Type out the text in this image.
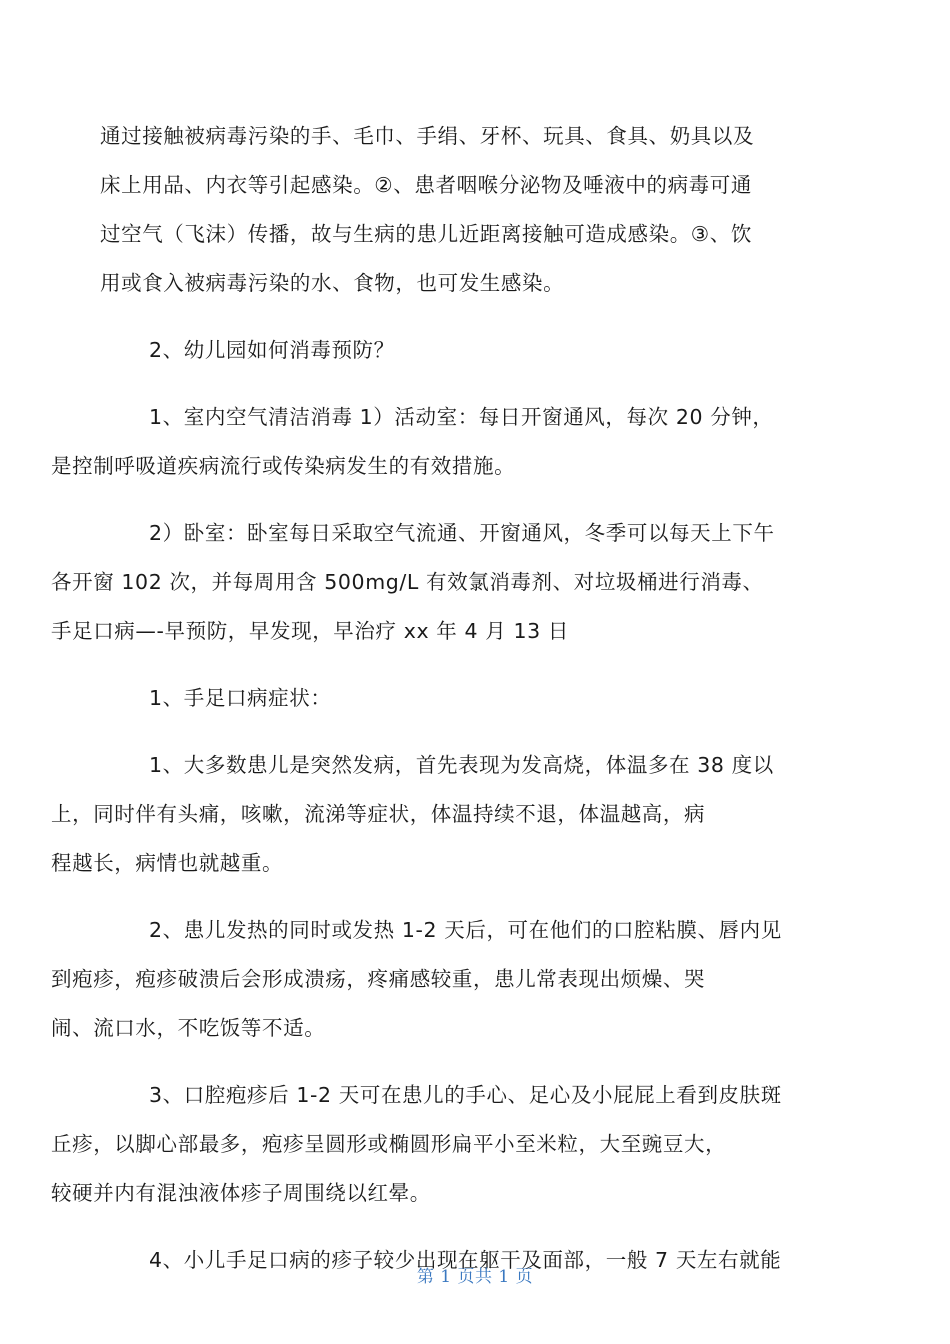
通过接触被病毒污染的手、毛巾、手绢、牙杯、玩具、食具、奶具以及
床上用品、内衣等引起感染。②、患者咽喉分泌物及唾液中的病毒可通
过空气（飞沫）传播，故与生病的患儿近距离接触可造成感染。③、饮
用或食入被病毒污染的水、食物，也可发生感染。

2、幼儿园如何消毒预防？

1、室内空气清洁消毒 1）活动室：每日开窗通风，每次 20 分钟，
是控制呼吸道疾病流行或传染病发生的有效措施。

2）卧室：卧室每日采取空气流通、开窗通风，冬季可以每天上下午
各开窗 102 次，并每周用含 500mg/L 有效氯消毒剂、对垃圾桶进行消毒、
手足口病—-早预防，早发现，早治疗 xx 年 4 月 13 日

1、手足口病症状：

1、大多数患儿是突然发病，首先表现为发高烧，体温多在 38 度以
上，同时伴有头痛，咳嗽，流涕等症状，体温持续不退，体温越高，病
程越长，病情也就越重。

2、患儿发热的同时或发热 1-2 天后，可在他们的口腔粘膜、唇内见
到疱疹，疱疹破溃后会形成溃疡，疼痛感较重，患儿常表现出烦燥、哭
闹、流口水，不吃饭等不适。

3、口腔疱疹后 1-2 天可在患儿的手心、足心及小屁屁上看到皮肤斑
丘疹，以脚心部最多，疱疹呈圆形或椭圆形扁平小至米粒，大至豌豆大，
较硬并内有混浊液体疹子周围绕以红晕。

4、小儿手足口病的疹子较少出现在躯干及面部，一般 7 天左右就能

第 1 页共 1 页
